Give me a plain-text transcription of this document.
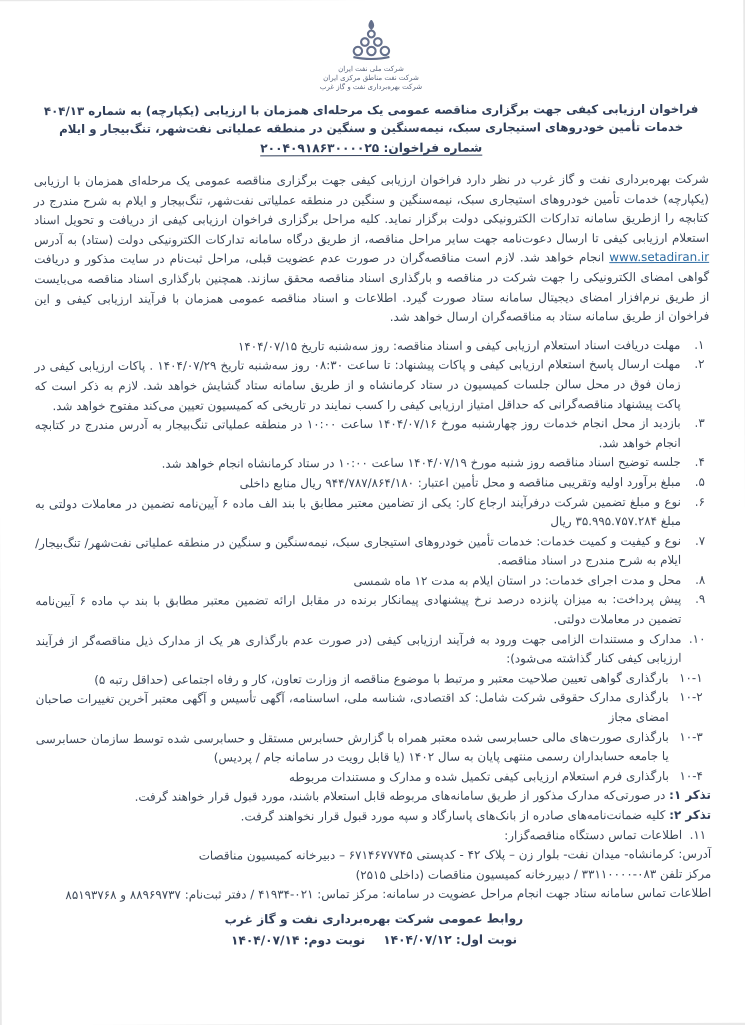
شرکت ملی نفت ایران
شرکت نفت مناطق مرکزی ایران
شرکت بهره‌برداری نفت و گاز غرب
فراخوان ارزیابی کیفی جهت برگزاری مناقصه عمومی یک مرحله‌ای همزمان با ارزیابی (یکپارچه) به شماره ۴۰۴/۱۳
خدمات تأمین خودروهای استیجاری سبک، نیمه‌سنگین و سنگین در منطقه عملیاتی نفت‌شهر، تنگ‌بیجار و ایلام
شماره فراخوان: ۲۰۰۴۰۹۱۸۶۳۰۰۰۰۲۵

شرکت بهره‌برداری نفت و گاز غرب در نظر دارد فراخوان ارزیابی کیفی جهت برگزاری مناقصه عمومی یک مرحله‌ای همزمان با ارزیابی (یکپارچه) خدمات تأمین خودروهای استیجاری سبک، نیمه‌سنگین و سنگین در منطقه عملیاتی نفت‌شهر، تنگ‌بیجار و ایلام به شرح مندرج در کتابچه را ازطریق سامانه تدارکات الکترونیکی دولت برگزار نماید. کلیه مراحل برگزاری فراخوان ارزیابی کیفی از دریافت و تحویل اسناد استعلام ارزیابی کیفی تا ارسال دعوت‌نامه جهت سایر مراحل مناقصه، از طریق درگاه سامانه تدارکات الکترونیکی دولت (ستاد) به آدرس www.setadiran.ir انجام خواهد شد. لازم است مناقصه‌گران در صورت عدم عضویت قبلی، مراحل ثبت‌نام در سایت مذکور و دریافت گواهی امضای الکترونیکی را جهت شرکت در مناقصه و بارگذاری اسناد مناقصه محقق سازند. همچنین بارگذاری اسناد مناقصه می‌بایست از طریق نرم‌افزار امضای دیجیتال سامانه ستاد صورت گیرد. اطلاعات و اسناد مناقصه عمومی همزمان با فرآیند ارزیابی کیفی و این فراخوان از طریق سامانه ستاد به مناقصه‌گران ارسال خواهد شد.

۱.
مهلت دریافت اسناد استعلام ارزیابی کیفی و اسناد مناقصه: روز سه‌شنبه تاریخ ۱۴۰۴/۰۷/۱۵
۲.
مهلت ارسال پاسخ استعلام ارزیابی کیفی و پاکات پیشنهاد: تا ساعت ۰۸:۳۰ روز سه‌شنبه تاریخ ۱۴۰۴/۰۷/۲۹ . پاکات ارزیابی کیفی در زمان فوق در محل سالن جلسات کمیسیون در ستاد کرمانشاه و از طریق سامانه ستاد گشایش خواهد شد. لازم به ذکر است که پاکت پیشنهاد مناقصه‌گرانی که حداقل امتیاز ارزیابی کیفی را کسب نمایند در تاریخی که کمیسیون تعیین می‌کند مفتوح خواهد شد.
۳.
بازدید از محل انجام خدمات روز چهارشنبه مورخ ۱۴۰۴/۰۷/۱۶ ساعت ۱۰:۰۰ در منطقه عملیاتی تنگ‌بیجار به آدرس مندرج در کتابچه انجام خواهد شد.
۴.
جلسه توضیح اسناد مناقصه روز شنبه مورخ ۱۴۰۴/۰۷/۱۹ ساعت ۱۰:۰۰ در ستاد کرمانشاه انجام خواهد شد.
۵.
مبلغ برآورد اولیه وتقریبی مناقصه و محل تأمین اعتبار: ۹۴۴/۷۸۷/۸۶۴/۱۸۰ ریال منابع داخلی
۶.
نوع و مبلغ تضمین شرکت درفرآیند ارجاع کار: یکی از تضامین معتبر مطابق با بند الف ماده ۶ آیین‌نامه تضمین در معاملات دولتی به مبلغ ۳۵.۹۹۵.۷۵۷.۲۸۴ ریال
۷.
نوع و کیفیت و کمیت خدمات: خدمات تأمین خودروهای استیجاری سبک، نیمه‌سنگین و سنگین در منطقه عملیاتی نفت‌شهر/ تنگ‌بیجار/ ایلام به شرح مندرج در اسناد مناقصه.
۸.
محل و مدت اجرای خدمات: در استان ایلام به مدت ۱۲ ماه شمسی
۹.
پیش پرداخت: به میزان پانزده درصد نرخ پیشنهادی پیمانکار برنده در مقابل ارائه تضمین معتبر مطابق با بند پ ماده ۶ آیین‌نامه تضمین در معاملات دولتی.
۱۰.
مدارک و مستندات الزامی جهت ورود به فرآیند ارزیابی کیفی (در صورت عدم بارگذاری هر یک از مدارک ذیل مناقصه‌گر از فرآیند ارزیابی کیفی کنار گذاشته می‌شود):
۱۰-۱
بارگذاری گواهی تعیین صلاحیت معتبر و مرتبط با موضوع مناقصه از وزارت تعاون، کار و رفاه اجتماعی (حداقل رتبه ۵)
۱۰-۲
بارگذاری مدارک حقوقی شرکت شامل: کد اقتصادی، شناسه ملی، اساسنامه، آگهی تأسیس و آگهی معتبر آخرین تغییرات صاحبان امضای مجاز
۱۰-۳
بارگذاری صورت‌های مالی حسابرسی شده معتبر همراه با گزارش حسابرس مستقل و حسابرسی شده توسط سازمان حسابرسی یا جامعه حسابداران رسمی منتهی پایان به سال ۱۴۰۲ (یا قابل رویت در سامانه جام / پردیس)
۱۰-۴
بارگذاری فرم استعلام ارزیابی کیفی تکمیل شده و مدارک و مستندات مربوطه
تذکر ۱: در صورتی‌که مدارک مذکور از طریق سامانه‌های مربوطه قابل استعلام باشند، مورد قبول قرار خواهند گرفت.
تذکر ۲: کلیه ضمانت‌نامه‌های صادره از بانک‌های پاسارگاد و سپه مورد قبول قرار نخواهند گرفت.
۱۱.
اطلاعات تماس دستگاه مناقصه‌گزار:
آدرس: کرمانشاه- میدان نفت- بلوار زن – پلاک ۴۲ - کدپستی ۶۷۱۴۶۷۷۷۴۵ – دبیرخانه کمیسیون مناقصات
مرکز تلفن ۰۸۳-۳۳۱۱۰۰۰۰ / دبیررخانه کمیسیون مناقصات (داخلی ۲۵۱۵)
اطلاعات تماس سامانه ستاد جهت انجام مراحل عضویت در سامانه: مرکز تماس: ۰۲۱-۴۱۹۳۴ / دفتر ثبت‌نام: ۸۸۹۶۹۷۳۷ و ۸۵۱۹۳۷۶۸
روابط عمومی شرکت بهره‌برداری نفت و گاز غرب
نوبت اول: ۱۴۰۴/۰۷/۱۲نوبت دوم: ۱۴۰۴/۰۷/۱۴
